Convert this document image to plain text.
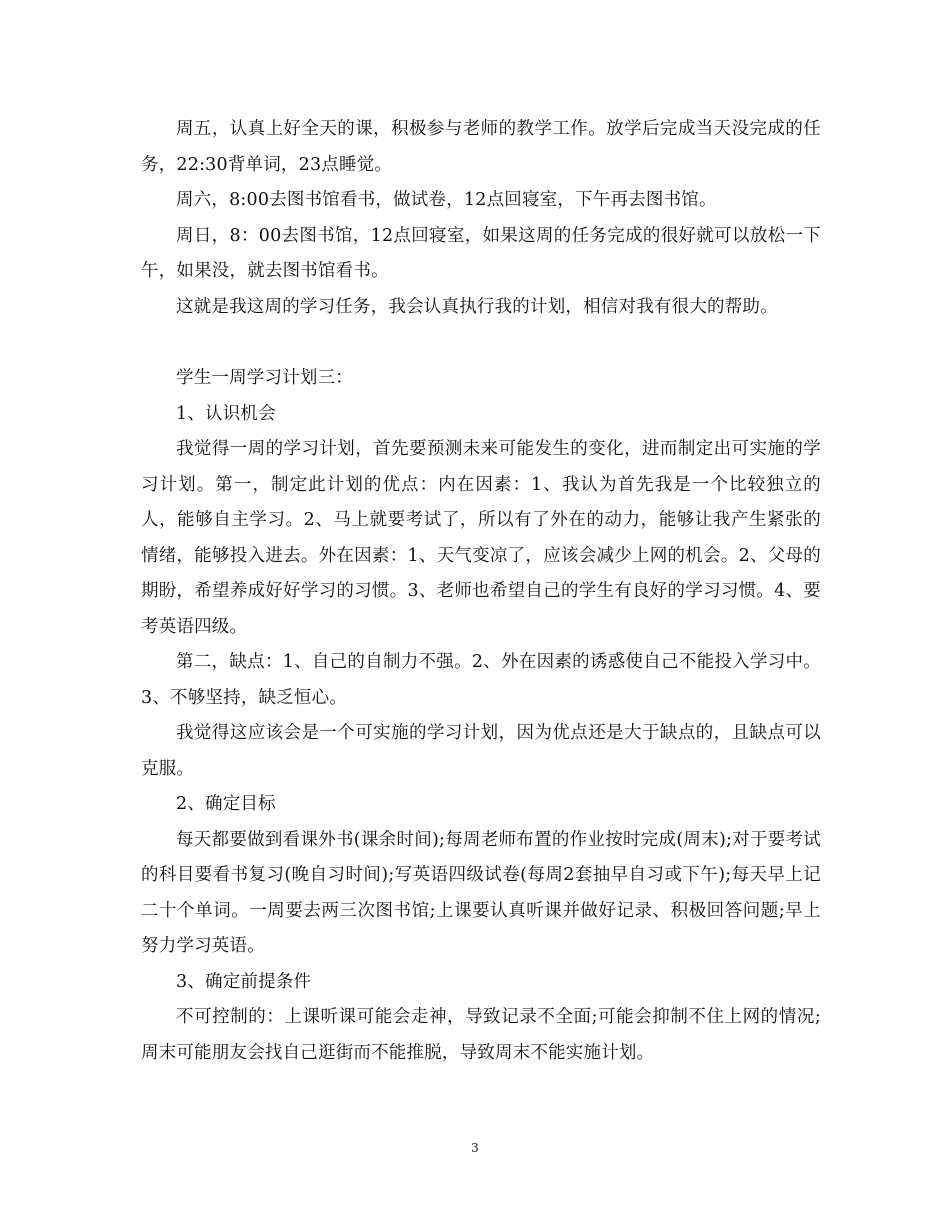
周五，认真上好全天的课，积极参与老师的教学工作。放学后完成当天没完成的任务，22:30背单词，23点睡觉。

周六，8:00去图书馆看书，做试卷，12点回寝室，下午再去图书馆。

周日，8：00去图书馆，12点回寝室，如果这周的任务完成的很好就可以放松一下午，如果没，就去图书馆看书。

这就是我这周的学习任务，我会认真执行我的计划，相信对我有很大的帮助。

学生一周学习计划三：

1、认识机会

我觉得一周的学习计划，首先要预测未来可能发生的变化，进而制定出可实施的学习计划。第一，制定此计划的优点：内在因素：1、我认为首先我是一个比较独立的人，能够自主学习。2、马上就要考试了，所以有了外在的动力，能够让我产生紧张的情绪，能够投入进去。外在因素：1、天气变凉了，应该会减少上网的机会。2、父母的期盼，希望养成好好学习的习惯。3、老师也希望自己的学生有良好的学习习惯。4、要考英语四级。

第二，缺点：1、自己的自制力不强。2、外在因素的诱惑使自己不能投入学习中。3、不够坚持，缺乏恒心。

我觉得这应该会是一个可实施的学习计划，因为优点还是大于缺点的，且缺点可以克服。

2、确定目标

每天都要做到看课外书(课余时间);每周老师布置的作业按时完成(周末);对于要考试的科目要看书复习(晚自习时间);写英语四级试卷(每周2套抽早自习或下午);每天早上记二十个单词。一周要去两三次图书馆;上课要认真听课并做好记录、积极回答问题;早上努力学习英语。

3、确定前提条件

不可控制的：上课听课可能会走神，导致记录不全面;可能会抑制不住上网的情况;周末可能朋友会找自己逛街而不能推脱，导致周末不能实施计划。

3
